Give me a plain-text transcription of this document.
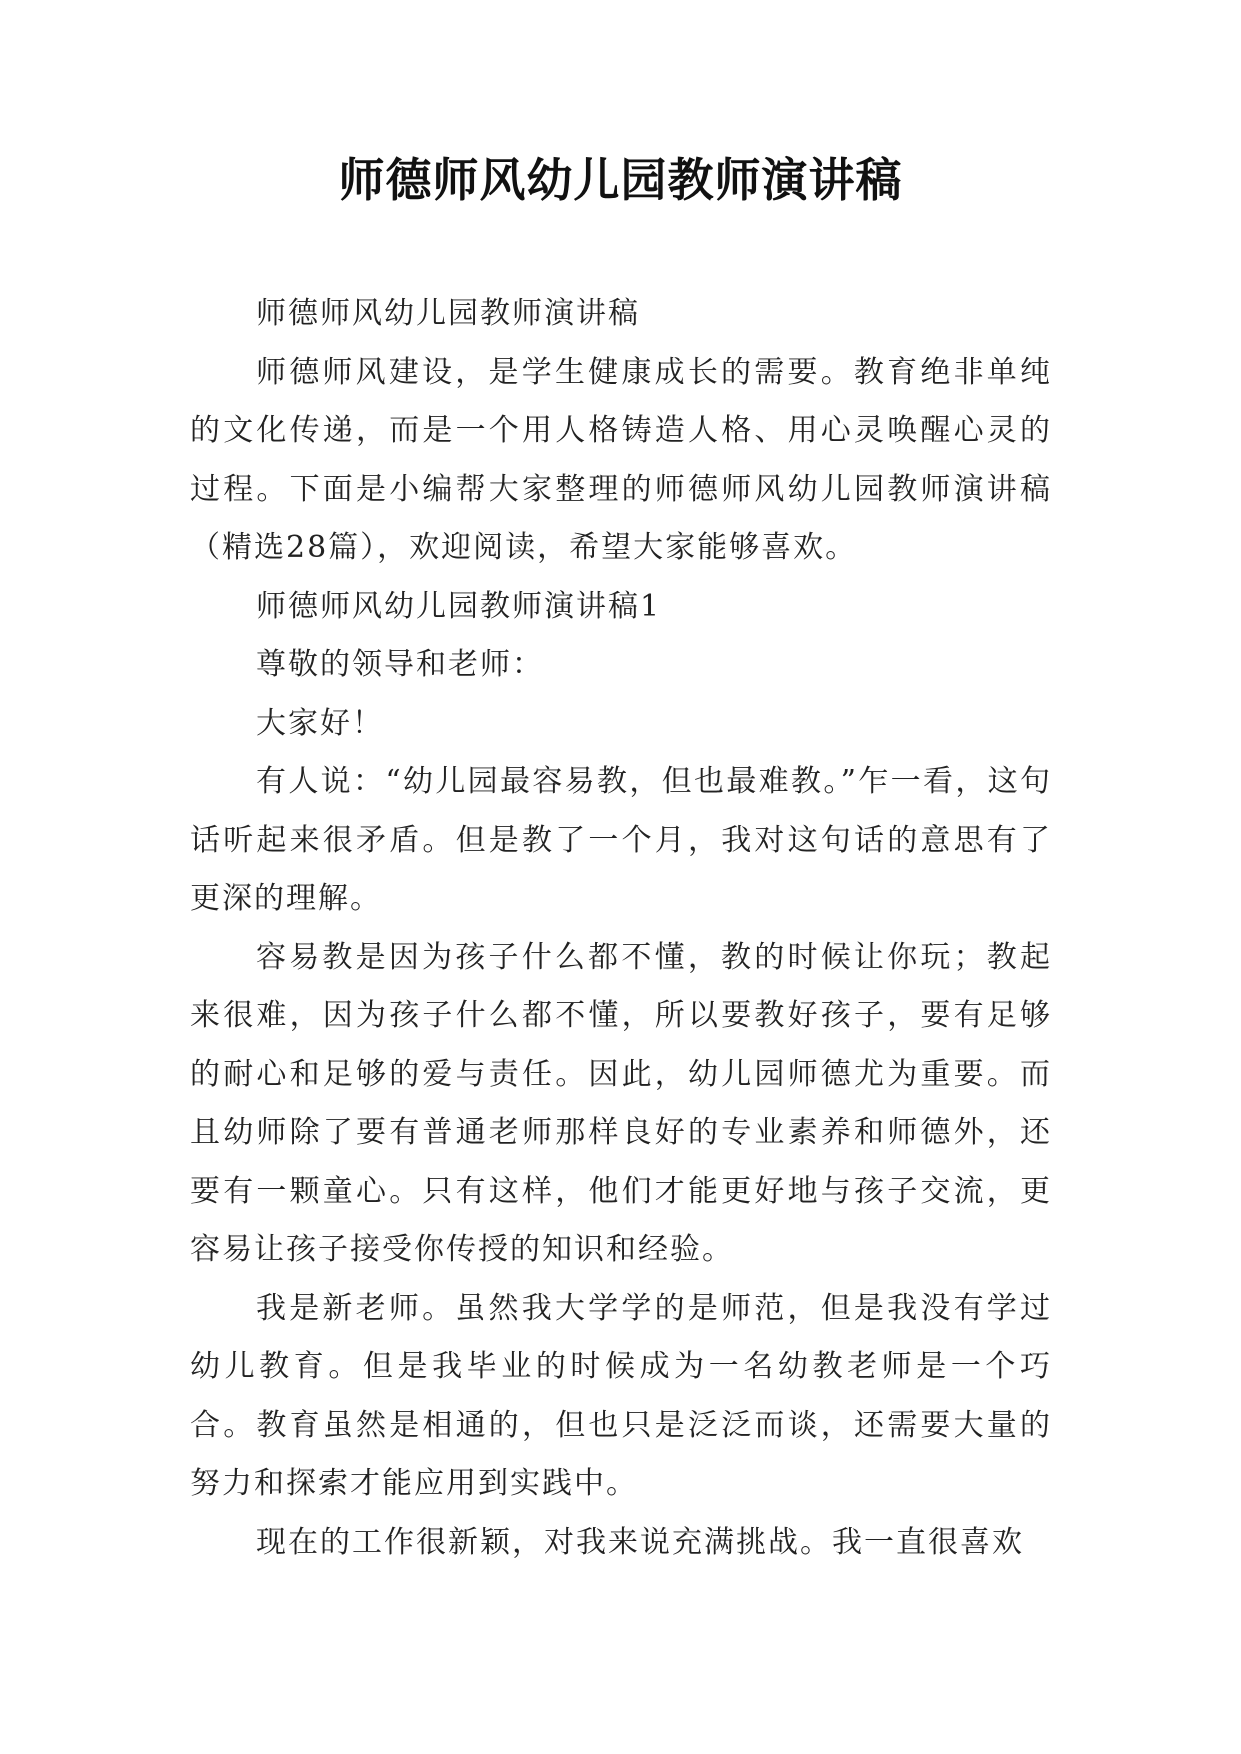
师德师风幼儿园教师演讲稿

师德师风幼儿园教师演讲稿

师德师风建设，是学生健康成长的需要。教育绝非单纯的文化传递，而是一个用人格铸造人格、用心灵唤醒心灵的过程。下面是小编帮大家整理的师德师风幼儿园教师演讲稿（精选28篇），欢迎阅读，希望大家能够喜欢。

师德师风幼儿园教师演讲稿1

尊敬的领导和老师：

大家好！

有人说：“幼儿园最容易教，但也最难教。”乍一看，这句话听起来很矛盾。但是教了一个月，我对这句话的意思有了更深的理解。

容易教是因为孩子什么都不懂，教的时候让你玩；教起来很难，因为孩子什么都不懂，所以要教好孩子，要有足够的耐心和足够的爱与责任。因此，幼儿园师德尤为重要。而且幼师除了要有普通老师那样良好的专业素养和师德外，还要有一颗童心。只有这样，他们才能更好地与孩子交流，更容易让孩子接受你传授的知识和经验。

我是新老师。虽然我大学学的是师范，但是我没有学过幼儿教育。但是我毕业的时候成为一名幼教老师是一个巧合。教育虽然是相通的，但也只是泛泛而谈，还需要大量的努力和探索才能应用到实践中。

现在的工作很新颖，对我来说充满挑战。我一直很喜欢
